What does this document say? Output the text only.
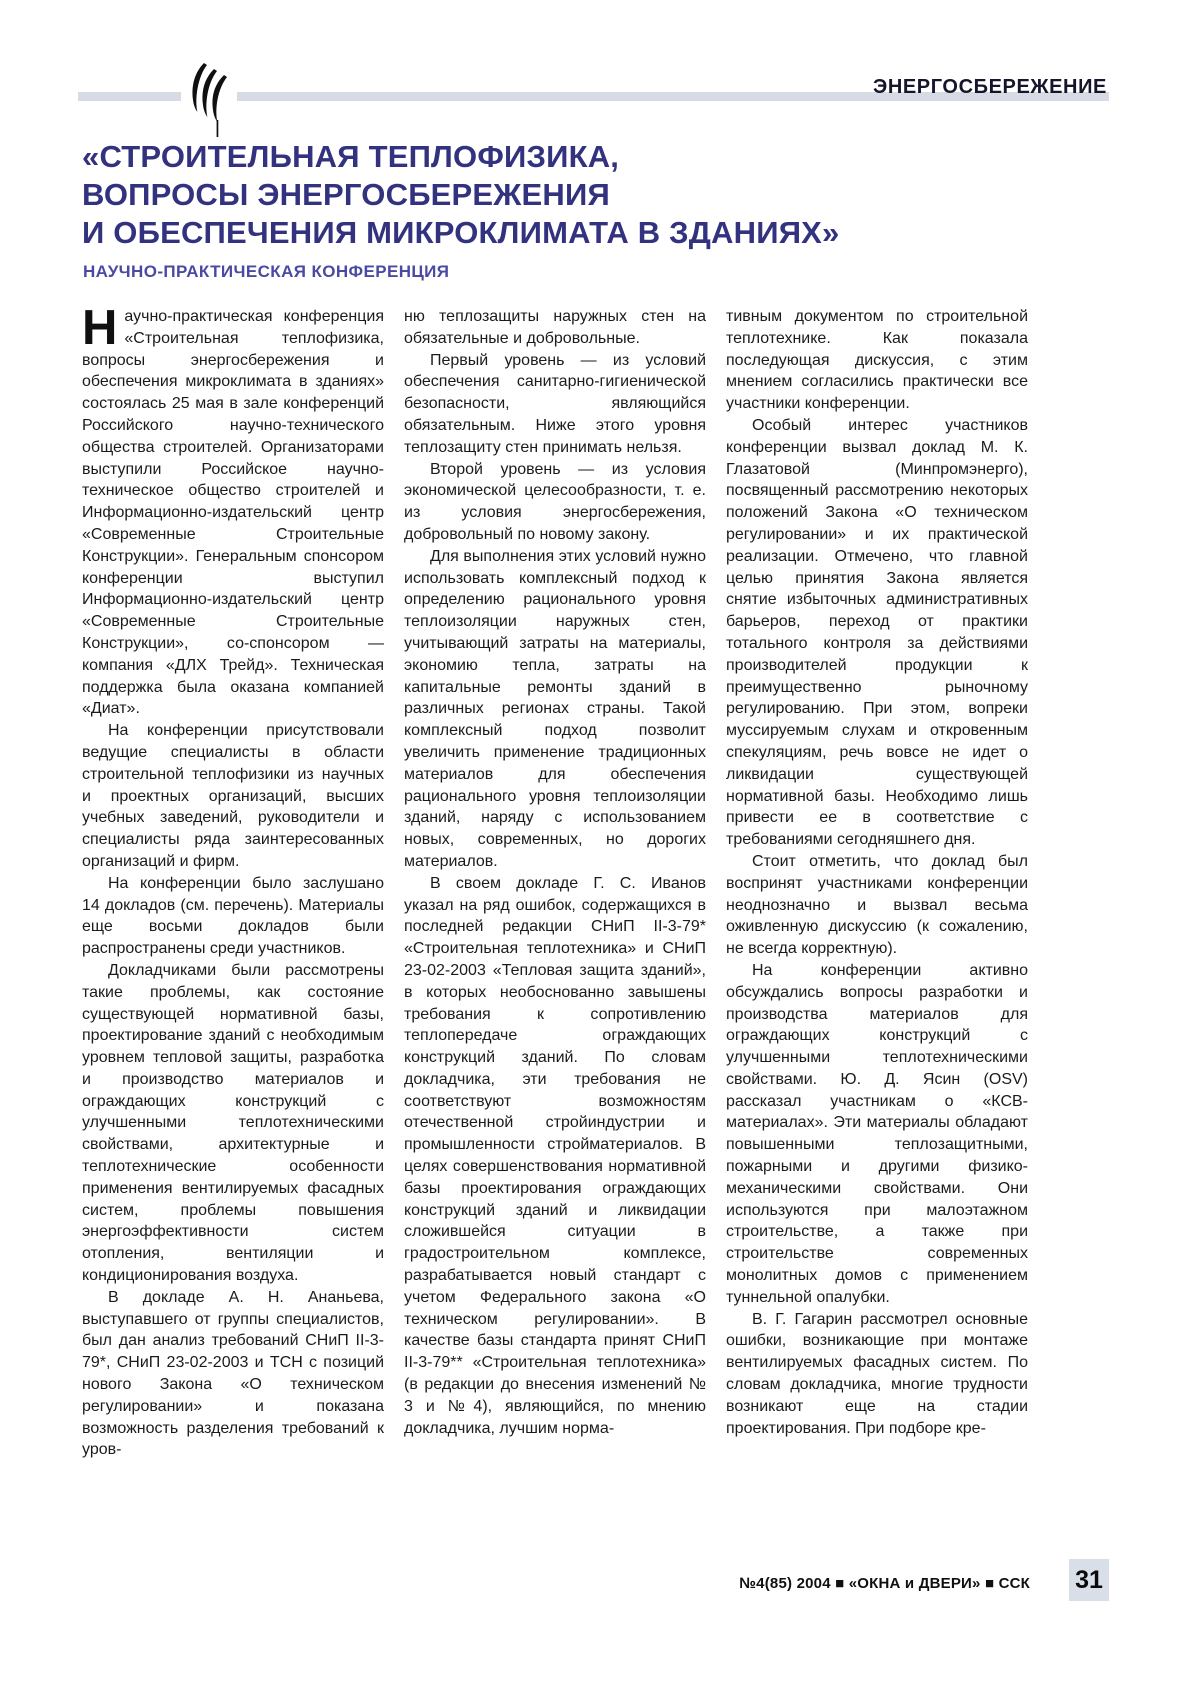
ЭНЕРГОСБЕРЕЖЕНИЕ
«СТРОИТЕЛЬНАЯ ТЕПЛОФИЗИКА,
ВОПРОСЫ ЭНЕРГОСБЕРЕЖЕНИЯ
И ОБЕСПЕЧЕНИЯ МИКРОКЛИМАТА В ЗДАНИЯХ»
НАУЧНО-ПРАКТИЧЕСКАЯ КОНФЕРЕНЦИЯ

Научно-практическая конференция «Строительная теплофизика, вопросы энергосбережения и обеспечения микроклимата в зданиях» состоялась 25 мая в зале конференций Российского научно-технического общества строителей. Организаторами выступили Российское научно-техническое общество строителей и Информационно-издательский центр «Современные Строительные Конструкции». Генеральным спонсором конференции выступил Информационно-издательский центр «Современные Строительные Конструкции», со-спонсором — компания «ДЛХ Трейд». Техническая поддержка была оказана компанией «Диат».

На конференции присутствовали ведущие специалисты в области строительной теплофизики из научных и проектных организаций, высших учебных заведений, руководители и специалисты ряда заинтересованных организаций и фирм.

На конференции было заслушано 14 докладов (см. перечень). Материалы еще восьми докладов были распространены среди участников.

Докладчиками были рассмотрены такие проблемы, как состояние существующей нормативной базы, проектирование зданий с необходимым уровнем тепловой защиты, разработка и производство материалов и ограждающих конструкций с улучшенными теплотехническими свойствами, архитектурные и теплотехнические особенности применения вентилируемых фасадных систем, проблемы повышения энергоэффективности систем отопления, вентиляции и кондиционирования воздуха.

В докладе А. Н. Ананьева, выступавшего от группы специалистов, был дан анализ требований СНиП II-3-79*, СНиП 23-02-2003 и ТСН с позиций нового Закона «О техническом регулировании» и показана возможность разделения требований к уров-

ню теплозащиты наружных стен на обязательные и добровольные.

Первый уровень — из условий обеспечения санитарно-гигиенической безопасности, являющийся обязательным. Ниже этого уровня теплозащиту стен принимать нельзя.

Второй уровень — из условия экономической целесообразности, т. е. из условия энергосбережения, добровольный по новому закону.

Для выполнения этих условий нужно использовать комплексный подход к определению рационального уровня теплоизоляции наружных стен, учитывающий затраты на материалы, экономию тепла, затраты на капитальные ремонты зданий в различных регионах страны. Такой комплексный подход позволит увеличить применение традиционных материалов для обеспечения рационального уровня теплоизоляции зданий, наряду с использованием новых, современных, но дорогих материалов.

В своем докладе Г. С. Иванов указал на ряд ошибок, содержащихся в последней редакции СНиП II-3-79* «Строительная теплотехника» и СНиП 23-02-2003 «Тепловая защита зданий», в которых необоснованно завышены требования к сопротивлению теплопередаче ограждающих конструкций зданий. По словам докладчика, эти требования не соответствуют возможностям отечественной стройиндустрии и промышленности стройматериалов. В целях совершенствования нормативной базы проектирования ограждающих конструкций зданий и ликвидации сложившейся ситуации в градостроительном комплексе, разрабатывается новый стандарт с учетом Федерального закона «О техническом регулировании». В качестве базы стандарта принят СНиП II-3-79** «Строительная теплотехника» (в редакции до внесения изменений № 3 и №4), являющийся, по мнению докладчика, лучшим норма-

тивным документом по строительной теплотехнике. Как показала последующая дискуссия, с этим мнением согласились практически все участники конференции.

Особый интерес участников конференции вызвал доклад М. К. Глазатовой (Минпромэнерго), посвященный рассмотрению некоторых положений Закона «О техническом регулировании» и их практической реализации. Отмечено, что главной целью принятия Закона является снятие избыточных административных барьеров, переход от практики тотального контроля за действиями производителей продукции к преимущественно рыночному регулированию. При этом, вопреки муссируемым слухам и откровенным спекуляциям, речь вовсе не идет о ликвидации существующей нормативной базы. Необходимо лишь привести ее в соответствие с требованиями сегодняшнего дня.

Стоит отметить, что доклад был воспринят участниками конференции неоднозначно и вызвал весьма оживленную дискуссию (к сожалению, не всегда корректную).

На конференции активно обсуждались вопросы разработки и производства материалов для ограждающих конструкций с улучшенными теплотехническими свойствами. Ю. Д. Ясин (OSV) рассказал участникам о «КСВ-материалах». Эти материалы обладают повышенными теплозащитными, пожарными и другими физико-механическими свойствами. Они используются при малоэтажном строительстве, а также при строительстве современных монолитных домов с применением туннельной опалубки.

В. Г. Гагарин рассмотрел основные ошибки, возникающие при монтаже вентилируемых фасадных систем. По словам докладчика, многие трудности возникают еще на стадии проектирования. При подборе кре-

№4(85) 2004 ■ «ОКНА и ДВЕРИ» ■ ССК 31
